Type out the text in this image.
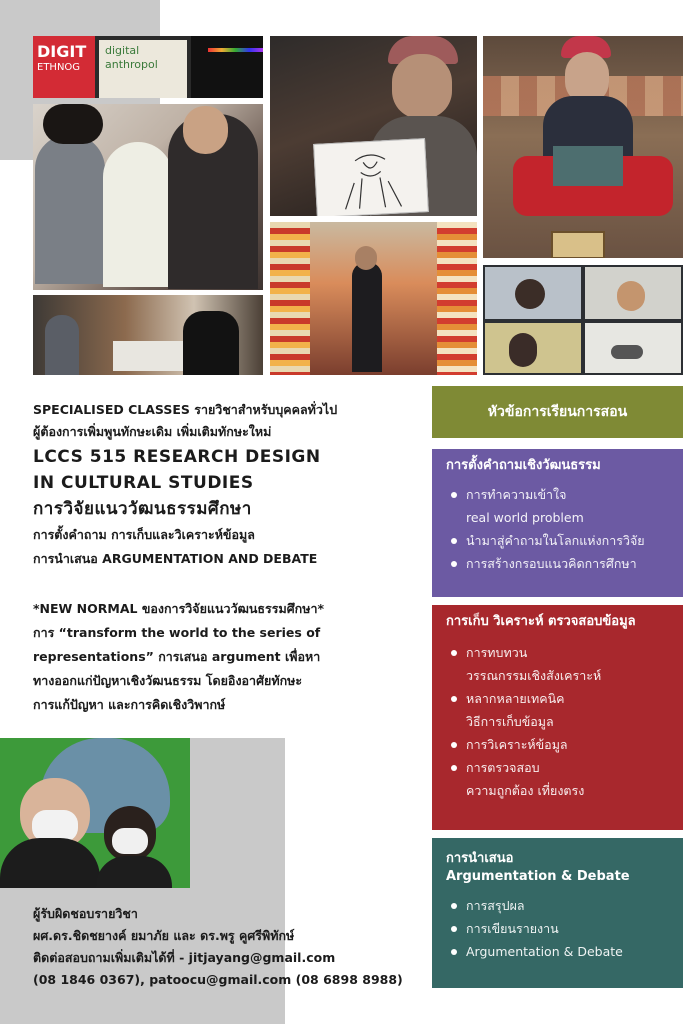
DIGIT
ETHNOG
digital
anthropol
SPECIALISED CLASSES รายวิชาสำหรับบุคคลทั่วไป
ผู้ต้องการเพิ่มพูนทักษะเดิม เพิ่มเติมทักษะใหม่
LCCS 515 RESEARCH DESIGN
IN CULTURAL STUDIES
การวิจัยแนววัฒนธรรมศึกษา
การตั้งคำถาม การเก็บและวิเคราะห์ข้อมูล
การนำเสนอ ARGUMENTATION AND DEBATE
*NEW NORMAL ของการวิจัยแนววัฒนธรรมศึกษา*
การ “transform the world to the series of
representations” การเสนอ argument เพื่อหา
ทางออกแก่ปัญหาเชิงวัฒนธรรม โดยอิงอาศัยทักษะ
การแก้ปัญหา และการคิดเชิงวิพากษ์
ผู้รับผิดชอบรายวิชา
ผศ.ดร.ชิดชยางค์ ยมาภัย และ ดร.พรู คูศรีพิทักษ์
ติดต่อสอบถามเพิ่มเติมได้ที่ - jitjayang@gmail.com
(08 1846 0367), patoocu@gmail.com (08 6898 8988)
หัวข้อการเรียนการสอน
การตั้งคำถามเชิงวัฒนธรรม
การทำความเข้าใจ
real world problem
นำมาสู่คำถามในโลกแห่งการวิจัย
การสร้างกรอบแนวคิดการศึกษา
การเก็บ วิเคราะห์ ตรวจสอบข้อมูล
การทบทวน
วรรณกรรมเชิงสังเคราะห์
หลากหลายเทคนิค
วิธีการเก็บข้อมูล
การวิเคราะห์ข้อมูล
การตรวจสอบ
ความถูกต้อง เที่ยงตรง
การนำเสนอ
Argumentation & Debate
การสรุปผล
การเขียนรายงาน
Argumentation & Debate
